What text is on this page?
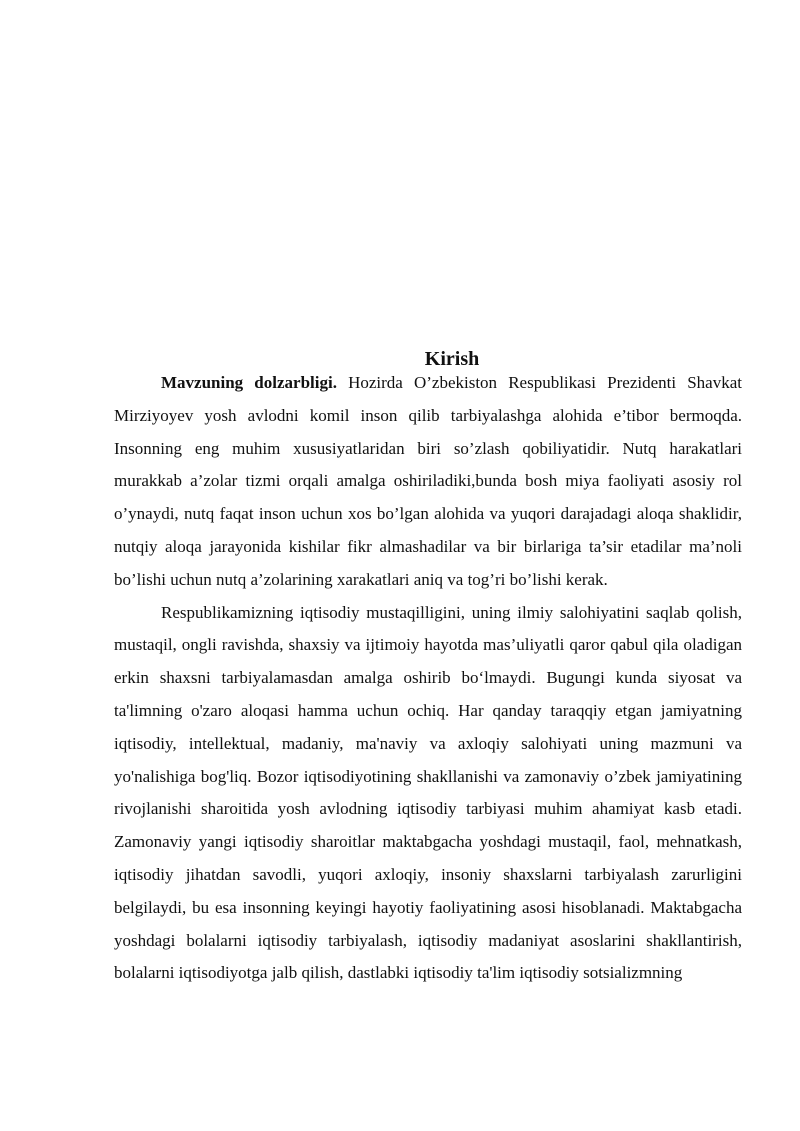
Kirish

Mavzuning dolzarbligi. Hozirda O’zbekiston Respublikasi Prezidenti Shavkat Mirziyoyev yosh avlodni komil inson qilib tarbiyalashga alohida e’tibor bermoqda. Insonning eng muhim xususiyatlaridan biri so’zlash qobiliyatidir. Nutq harakatlari murakkab a’zolar tizmi orqali amalga oshiriladiki,bunda bosh miya faoliyati asosiy rol o’ynaydi, nutq faqat inson uchun xos bo’lgan alohida va yuqori darajadagi aloqa shaklidir, nutqiy aloqa jarayonida kishilar fikr almashadilar va bir birlariga ta’sir etadilar ma’noli bo’lishi uchun nutq a’zolarining xarakatlari aniq va tog’ri bo’lishi kerak.

Respublikamizning iqtisodiy mustaqilligini, uning ilmiy salohiyatini saqlab qolish, mustaqil, ongli ravishda, shaxsiy va ijtimoiy hayotda mas’uliyatli qaror qabul qila oladigan erkin shaxsni tarbiyalamasdan amalga oshirib bo‘lmaydi. Bugungi kunda siyosat va ta'limning o'zaro aloqasi hamma uchun ochiq. Har qanday taraqqiy etgan jamiyatning iqtisodiy, intellektual, madaniy, ma'naviy va axloqiy salohiyati uning mazmuni va yo'nalishiga bog'liq. Bozor iqtisodiyotining shakllanishi va zamonaviy o’zbek jamiyatining rivojlanishi sharoitida yosh avlodning iqtisodiy tarbiyasi muhim ahamiyat kasb etadi. Zamonaviy yangi iqtisodiy sharoitlar maktabgacha yoshdagi mustaqil, faol, mehnatkash, iqtisodiy jihatdan savodli, yuqori axloqiy, insoniy shaxslarni tarbiyalash zarurligini belgilaydi, bu esa insonning keyingi hayotiy faoliyatining asosi hisoblanadi. Maktabgacha yoshdagi bolalarni iqtisodiy tarbiyalash, iqtisodiy madaniyat asoslarini shakllantirish, bolalarni iqtisodiyotga jalb qilish, dastlabki iqtisodiy ta'lim iqtisodiy sotsializmning
